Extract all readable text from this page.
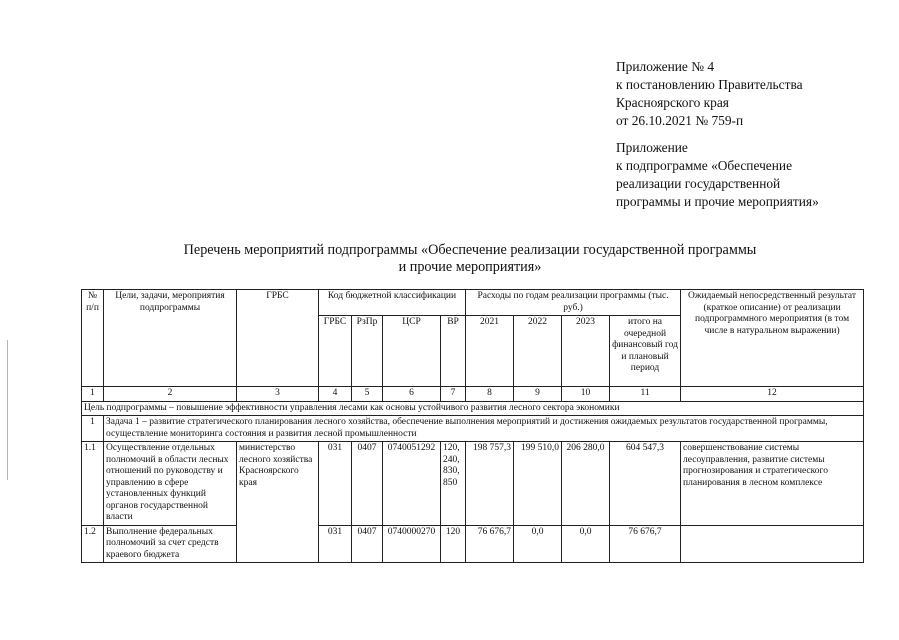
Приложение № 4
к постановлению Правительства
Красноярского края
от 26.10.2021 № 759-п
Приложение
к подпрограмме «Обеспечение
реализации государственной
программы и прочие мероприятия»
Перечень мероприятий подпрограммы «Обеспечение реализации государственной программы
и прочие мероприятия»
№ п/п	Цели, задачи, мероприятия подпрограммы	ГРБС	Код бюджетной классификации				Расходы по годам реализации программы (тыс. руб.)				Ожидаемый непосредственный результат (краткое описание) от реализации подпрограммного мероприятия (в том числе в натуральном выражении)
			ГРБС	РзПр	ЦСР	ВР	2021	2022	2023	итого на очередной финансовый год и плановый период	
1	2	3	4	5	6	7	8	9	10	11	12
Цель подпрограммы – повышение эффективности управления лесами как основы устойчивого развития лесного сектора экономики											
1	Задача 1 – развитие стратегического планирования лесного хозяйства, обеспечение выполнения мероприятий и достижения ожидаемых результатов государственной программы, осуществление мониторинга состояния и развития лесной промышленности										
1.1	Осуществление отдельных полномочий в области лесных отношений по руководству и управлению в сфере установленных функций органов государственной власти	министерство лесного хозяйства Красноярского края	031	0407	0740051292	120, 240, 830, 850	198 757,3	199 510,0	206 280,0	604 547,3	совершенствование системы лесоуправления, развитие системы прогнозирования и стратегического планирования в лесном комплексе
1.2	Выполнение федеральных полномочий за счет средств краевого бюджета		031	0407	0740000270	120	76 676,7	0,0	0,0	76 676,7	
